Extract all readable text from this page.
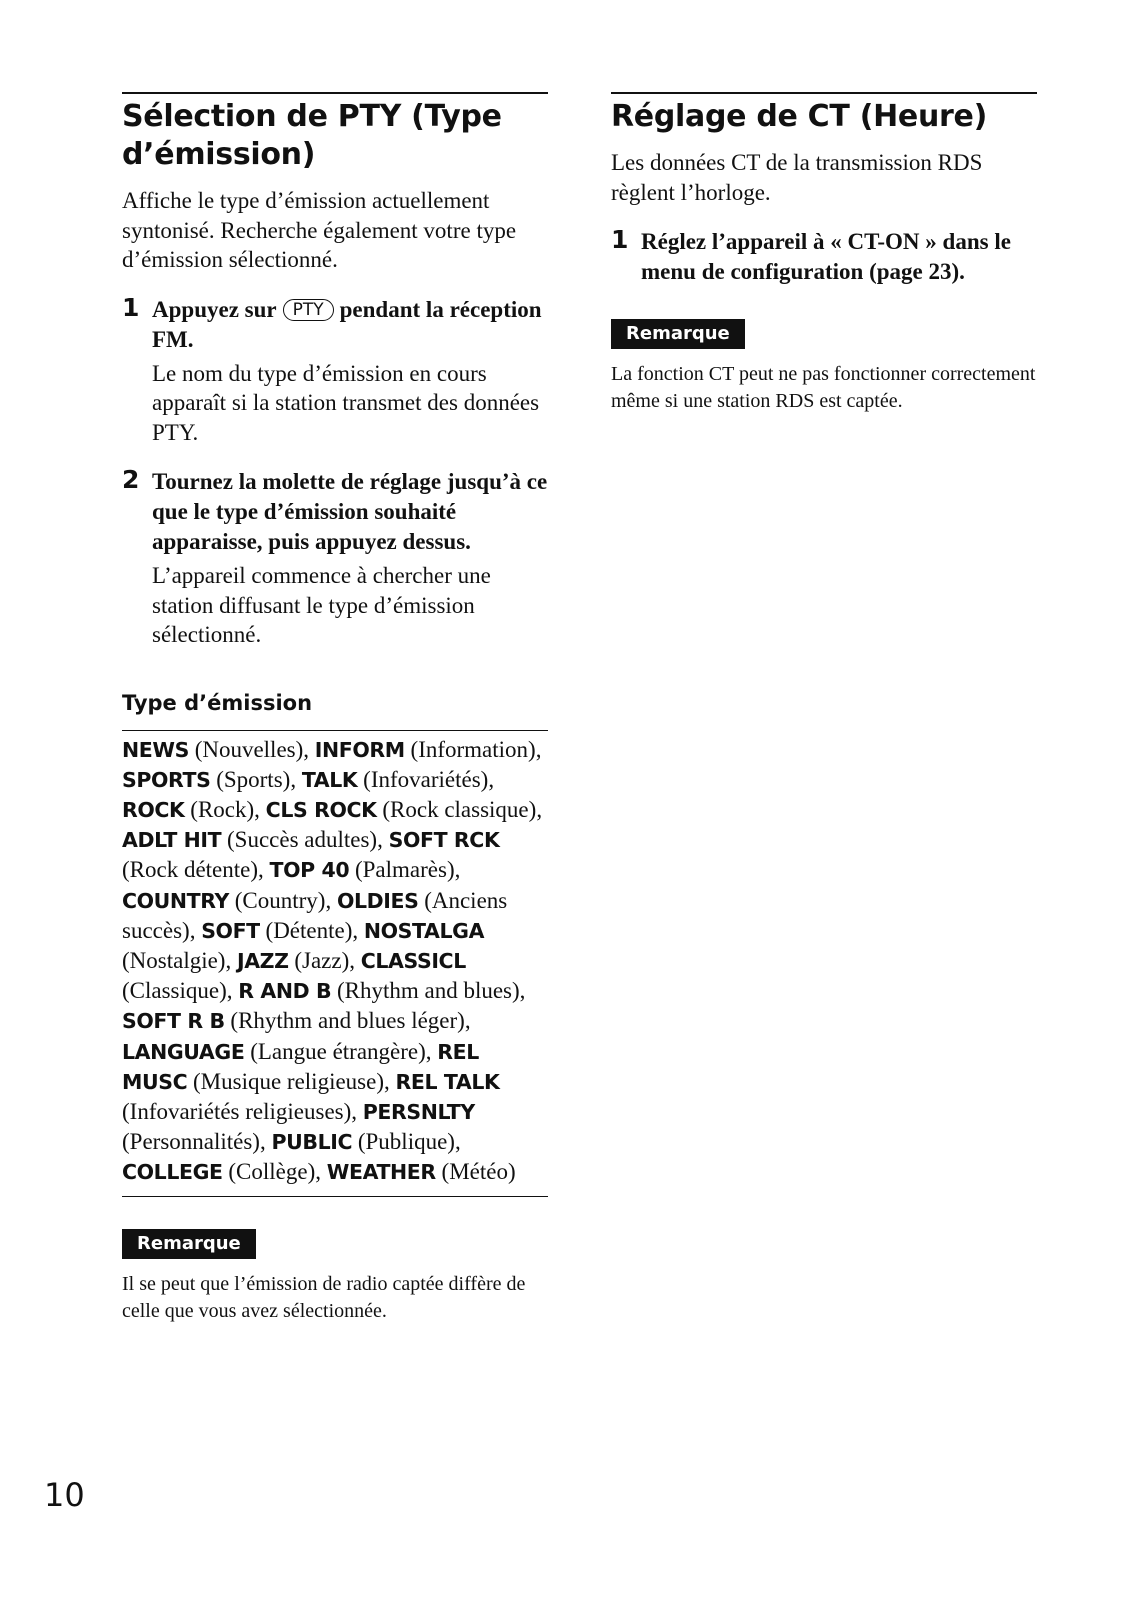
Sélection de PTY (Type d’émission)

Affiche le type d’émission actuellement syntonisé. Recherche également votre type d’émission sélectionné.

1 Appuyez sur PTY pendant la réception FM.

Le nom du type d’émission en cours apparaît si la station transmet des données PTY.

2 Tournez la molette de réglage jusqu’à ce que le type d’émission souhaité apparaisse, puis appuyez dessus.

L’appareil commence à chercher une station diffusant le type d’émission sélectionné.

Type d’émission
NEWS (Nouvelles), INFORM (Information), SPORTS (Sports), TALK (Infovariétés), ROCK (Rock), CLS ROCK (Rock classique), ADLT HIT (Succès adultes), SOFT RCK (Rock détente), TOP 40 (Palmarès), COUNTRY (Country), OLDIES (Anciens succès), SOFT (Détente), NOSTALGA (Nostalgie), JAZZ (Jazz), CLASSICL (Classique), R AND B (Rhythm and blues), SOFT R B (Rhythm and blues léger), LANGUAGE (Langue étrangère), REL MUSC (Musique religieuse), REL TALK (Infovariétés religieuses), PERSNLTY (Personnalités), PUBLIC (Publique), COLLEGE (Collège), WEATHER (Météo)
Remarque

Il se peut que l’émission de radio captée diffère de celle que vous avez sélectionnée.

Réglage de CT (Heure)

Les données CT de la transmission RDS règlent l’horloge.

1 Réglez l’appareil à « CT-ON » dans le menu de configuration (page 23).

Remarque

La fonction CT peut ne pas fonctionner correctement même si une station RDS est captée.

10
